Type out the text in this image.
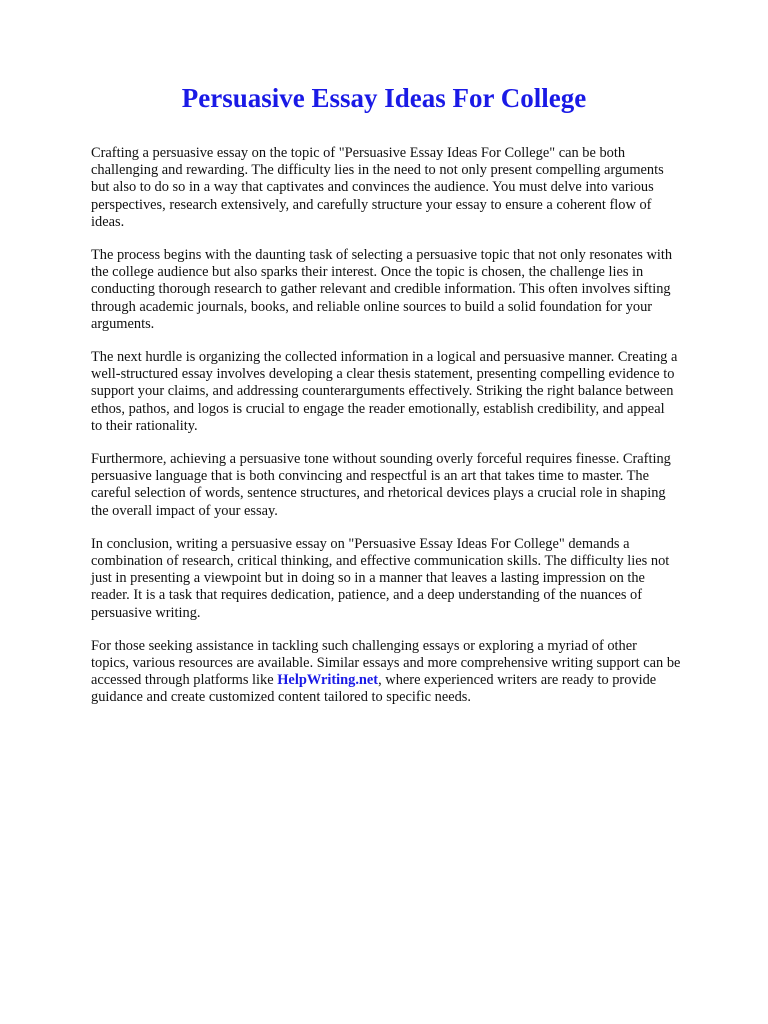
Persuasive Essay Ideas For College

Crafting a persuasive essay on the topic of "Persuasive Essay Ideas For College" can be both
challenging and rewarding. The difficulty lies in the need to not only present compelling arguments
but also to do so in a way that captivates and convinces the audience. You must delve into various
perspectives, research extensively, and carefully structure your essay to ensure a coherent flow of
ideas.

The process begins with the daunting task of selecting a persuasive topic that not only resonates with
the college audience but also sparks their interest. Once the topic is chosen, the challenge lies in
conducting thorough research to gather relevant and credible information. This often involves sifting
through academic journals, books, and reliable online sources to build a solid foundation for your
arguments.

The next hurdle is organizing the collected information in a logical and persuasive manner. Creating a
well-structured essay involves developing a clear thesis statement, presenting compelling evidence to
support your claims, and addressing counterarguments effectively. Striking the right balance between
ethos, pathos, and logos is crucial to engage the reader emotionally, establish credibility, and appeal
to their rationality.

Furthermore, achieving a persuasive tone without sounding overly forceful requires finesse. Crafting
persuasive language that is both convincing and respectful is an art that takes time to master. The
careful selection of words, sentence structures, and rhetorical devices plays a crucial role in shaping
the overall impact of your essay.

In conclusion, writing a persuasive essay on "Persuasive Essay Ideas For College" demands a
combination of research, critical thinking, and effective communication skills. The difficulty lies not
just in presenting a viewpoint but in doing so in a manner that leaves a lasting impression on the
reader. It is a task that requires dedication, patience, and a deep understanding of the nuances of
persuasive writing.

For those seeking assistance in tackling such challenging essays or exploring a myriad of other
topics, various resources are available. Similar essays and more comprehensive writing support can be
accessed through platforms like HelpWriting.net, where experienced writers are ready to provide
guidance and create customized content tailored to specific needs.
